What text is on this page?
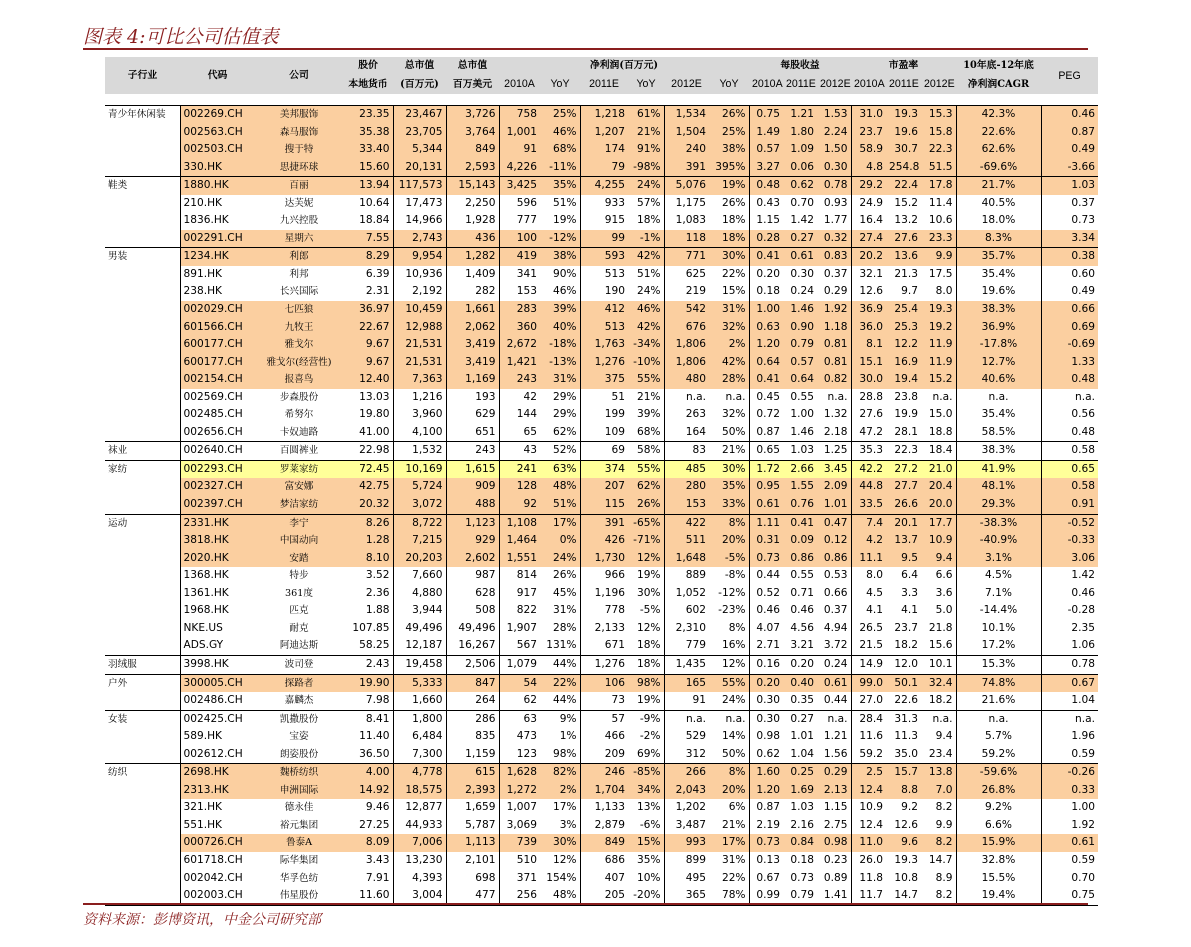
图表 4:可比公司估值表
子行业	代码	公司	股价	总市值	总市值	净利润(百万元)						每股收益			市盈率			10年底-12年底	PEG
			本地货币	(百万元)	百万美元	2010A	YoY	2011E	YoY	2012E	YoY	2010A	2011E	2012E	2010A	2011E	2012E	净利润CAGR	

青少年休闲装	002269.CH	美邦服饰	23.35	23,467	3,726	758	25%	1,218	61%	1,534	26%	0.75	1.21	1.53	31.0	19.3	15.3	42.3%	0.46
	002563.CH	森马服饰	35.38	23,705	3,764	1,001	46%	1,207	21%	1,504	25%	1.49	1.80	2.24	23.7	19.6	15.8	22.6%	0.87
	002503.CH	搜于特	33.40	5,344	849	91	68%	174	91%	240	38%	0.57	1.09	1.50	58.9	30.7	22.3	62.6%	0.49
	330.HK	思捷环球	15.60	20,131	2,593	4,226	-11%	79	-98%	391	395%	3.27	0.06	0.30	4.8	254.8	51.5	-69.6%	-3.66
鞋类	1880.HK	百丽	13.94	117,573	15,143	3,425	35%	4,255	24%	5,076	19%	0.48	0.62	0.78	29.2	22.4	17.8	21.7%	1.03
	210.HK	达芙妮	10.64	17,473	2,250	596	51%	933	57%	1,175	26%	0.43	0.70	0.93	24.9	15.2	11.4	40.5%	0.37
	1836.HK	九兴控股	18.84	14,966	1,928	777	19%	915	18%	1,083	18%	1.15	1.42	1.77	16.4	13.2	10.6	18.0%	0.73
	002291.CH	星期六	7.55	2,743	436	100	-12%	99	-1%	118	18%	0.28	0.27	0.32	27.4	27.6	23.3	8.3%	3.34
男装	1234.HK	利郎	8.29	9,954	1,282	419	38%	593	42%	771	30%	0.41	0.61	0.83	20.2	13.6	9.9	35.7%	0.38
	891.HK	利邦	6.39	10,936	1,409	341	90%	513	51%	625	22%	0.20	0.30	0.37	32.1	21.3	17.5	35.4%	0.60
	238.HK	长兴国际	2.31	2,192	282	153	46%	190	24%	219	15%	0.18	0.24	0.29	12.6	9.7	8.0	19.6%	0.49
	002029.CH	七匹狼	36.97	10,459	1,661	283	39%	412	46%	542	31%	1.00	1.46	1.92	36.9	25.4	19.3	38.3%	0.66
	601566.CH	九牧王	22.67	12,988	2,062	360	40%	513	42%	676	32%	0.63	0.90	1.18	36.0	25.3	19.2	36.9%	0.69
	600177.CH	雅戈尔	9.67	21,531	3,419	2,672	-18%	1,763	-34%	1,806	2%	1.20	0.79	0.81	8.1	12.2	11.9	-17.8%	-0.69
	600177.CH	雅戈尔(经营性)	9.67	21,531	3,419	1,421	-13%	1,276	-10%	1,806	42%	0.64	0.57	0.81	15.1	16.9	11.9	12.7%	1.33
	002154.CH	报喜鸟	12.40	7,363	1,169	243	31%	375	55%	480	28%	0.41	0.64	0.82	30.0	19.4	15.2	40.6%	0.48
	002569.CH	步森股份	13.03	1,216	193	42	29%	51	21%	n.a.	n.a.	0.45	0.55	n.a.	28.8	23.8	n.a.	n.a.	n.a.
	002485.CH	希努尔	19.80	3,960	629	144	29%	199	39%	263	32%	0.72	1.00	1.32	27.6	19.9	15.0	35.4%	0.56
	002656.CH	卡奴迪路	41.00	4,100	651	65	62%	109	68%	164	50%	0.87	1.46	2.18	47.2	28.1	18.8	58.5%	0.48
袜业	002640.CH	百圆裤业	22.98	1,532	243	43	52%	69	58%	83	21%	0.65	1.03	1.25	35.3	22.3	18.4	38.3%	0.58
家纺	002293.CH	罗莱家纺	72.45	10,169	1,615	241	63%	374	55%	485	30%	1.72	2.66	3.45	42.2	27.2	21.0	41.9%	0.65
	002327.CH	富安娜	42.75	5,724	909	128	48%	207	62%	280	35%	0.95	1.55	2.09	44.8	27.7	20.4	48.1%	0.58
	002397.CH	梦洁家纺	20.32	3,072	488	92	51%	115	26%	153	33%	0.61	0.76	1.01	33.5	26.6	20.0	29.3%	0.91
运动	2331.HK	李宁	8.26	8,722	1,123	1,108	17%	391	-65%	422	8%	1.11	0.41	0.47	7.4	20.1	17.7	-38.3%	-0.52
	3818.HK	中国动向	1.28	7,215	929	1,464	0%	426	-71%	511	20%	0.31	0.09	0.12	4.2	13.7	10.9	-40.9%	-0.33
	2020.HK	安踏	8.10	20,203	2,602	1,551	24%	1,730	12%	1,648	-5%	0.73	0.86	0.86	11.1	9.5	9.4	3.1%	3.06
	1368.HK	特步	3.52	7,660	987	814	26%	966	19%	889	-8%	0.44	0.55	0.53	8.0	6.4	6.6	4.5%	1.42
	1361.HK	361度	2.36	4,880	628	917	45%	1,196	30%	1,052	-12%	0.52	0.71	0.66	4.5	3.3	3.6	7.1%	0.46
	1968.HK	匹克	1.88	3,944	508	822	31%	778	-5%	602	-23%	0.46	0.46	0.37	4.1	4.1	5.0	-14.4%	-0.28
	NKE.US	耐克	107.85	49,496	49,496	1,907	28%	2,133	12%	2,310	8%	4.07	4.56	4.94	26.5	23.7	21.8	10.1%	2.35
	ADS.GY	阿迪达斯	58.25	12,187	16,267	567	131%	671	18%	779	16%	2.71	3.21	3.72	21.5	18.2	15.6	17.2%	1.06
羽绒服	3998.HK	波司登	2.43	19,458	2,506	1,079	44%	1,276	18%	1,435	12%	0.16	0.20	0.24	14.9	12.0	10.1	15.3%	0.78
户外	300005.CH	探路者	19.90	5,333	847	54	22%	106	98%	165	55%	0.20	0.40	0.61	99.0	50.1	32.4	74.8%	0.67
	002486.CH	嘉麟杰	7.98	1,660	264	62	44%	73	19%	91	24%	0.30	0.35	0.44	27.0	22.6	18.2	21.6%	1.04
女装	002425.CH	凯撒股份	8.41	1,800	286	63	9%	57	-9%	n.a.	n.a.	0.30	0.27	n.a.	28.4	31.3	n.a.	n.a.	n.a.
	589.HK	宝姿	11.40	6,484	835	473	1%	466	-2%	529	14%	0.98	1.01	1.21	11.6	11.3	9.4	5.7%	1.96
	002612.CH	朗姿股份	36.50	7,300	1,159	123	98%	209	69%	312	50%	0.62	1.04	1.56	59.2	35.0	23.4	59.2%	0.59
纺织	2698.HK	魏桥纺织	4.00	4,778	615	1,628	82%	246	-85%	266	8%	1.60	0.25	0.29	2.5	15.7	13.8	-59.6%	-0.26
	2313.HK	申洲国际	14.92	18,575	2,393	1,272	2%	1,704	34%	2,043	20%	1.20	1.69	2.13	12.4	8.8	7.0	26.8%	0.33
	321.HK	德永佳	9.46	12,877	1,659	1,007	17%	1,133	13%	1,202	6%	0.87	1.03	1.15	10.9	9.2	8.2	9.2%	1.00
	551.HK	裕元集团	27.25	44,933	5,787	3,069	3%	2,879	-6%	3,487	21%	2.19	2.16	2.75	12.4	12.6	9.9	6.6%	1.92
	000726.CH	鲁泰A	8.09	7,006	1,113	739	30%	849	15%	993	17%	0.73	0.84	0.98	11.0	9.6	8.2	15.9%	0.61
	601718.CH	际华集团	3.43	13,230	2,101	510	12%	686	35%	899	31%	0.13	0.18	0.23	26.0	19.3	14.7	32.8%	0.59
	002042.CH	华孚色纺	7.91	4,393	698	371	154%	407	10%	495	22%	0.67	0.73	0.89	11.8	10.8	8.9	15.5%	0.70
	002003.CH	伟星股份	11.60	3,004	477	256	48%	205	-20%	365	78%	0.99	0.79	1.41	11.7	14.7	8.2	19.4%	0.75
资料来源：彭博资讯，中金公司研究部
